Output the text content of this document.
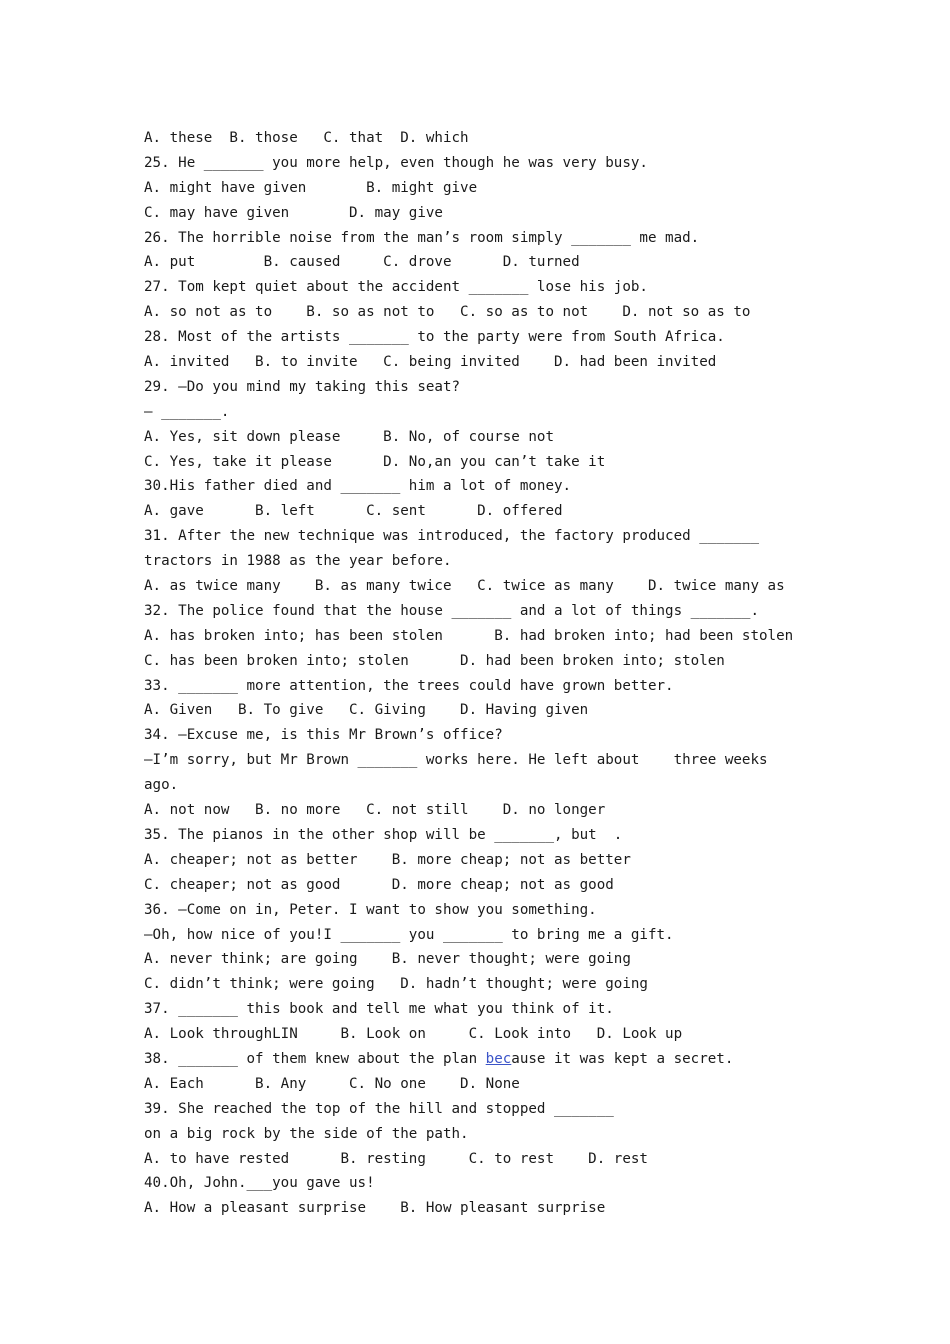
A. these  B. those   C. that  D. which
25. He _______ you more help, even though he was very busy.
A. might have given       B. might give
C. may have given       D. may give
26. The horrible noise from the man’s room simply _______ me mad.
A. put        B. caused     C. drove      D. turned
27. Tom kept quiet about the accident _______ lose his job.
A. so not as to    B. so as not to   C. so as to not    D. not so as to
28. Most of the artists _______ to the party were from South Africa.
A. invited   B. to invite   C. being invited    D. had been invited
29. —Do you mind my taking this seat?
— _______.
A. Yes, sit down please     B. No, of course not
C. Yes, take it please      D. No,an you can’t take it
30.His father died and _______ him a lot of money.
A. gave      B. left      C. sent      D. offered
31. After the new technique was introduced, the factory produced _______
tractors in 1988 as the year before.
A. as twice many    B. as many twice   C. twice as many    D. twice many as
32. The police found that the house _______ and a lot of things _______.
A. has broken into; has been stolen      B. had broken into; had been stolen
C. has been broken into; stolen      D. had been broken into; stolen
33. _______ more attention, the trees could have grown better.
A. Given   B. To give   C. Giving    D. Having given
34. —Excuse me, is this Mr Brown’s office?
—I’m sorry, but Mr Brown _______ works here. He left about    three weeks
ago.
A. not now   B. no more   C. not still    D. no longer
35. The pianos in the other shop will be _______, but  .
A. cheaper; not as better    B. more cheap; not as better
C. cheaper; not as good      D. more cheap; not as good
36. —Come on in, Peter. I want to show you something.
—Oh, how nice of you!I _______ you _______ to bring me a gift.
A. never think; are going    B. never thought; were going
C. didn’t think; were going   D. hadn’t thought; were going
37. _______ this book and tell me what you think of it.
A. Look throughLIN     B. Look on     C. Look into   D. Look up
38. _______ of them knew about the plan because it was kept a secret.
A. Each      B. Any     C. No one    D. None
39. She reached the top of the hill and stopped _______
on a big rock by the side of the path.
A. to have rested      B. resting     C. to rest    D. rest
40.Oh, John.___you gave us!
A. How a pleasant surprise    B. How pleasant surprise
